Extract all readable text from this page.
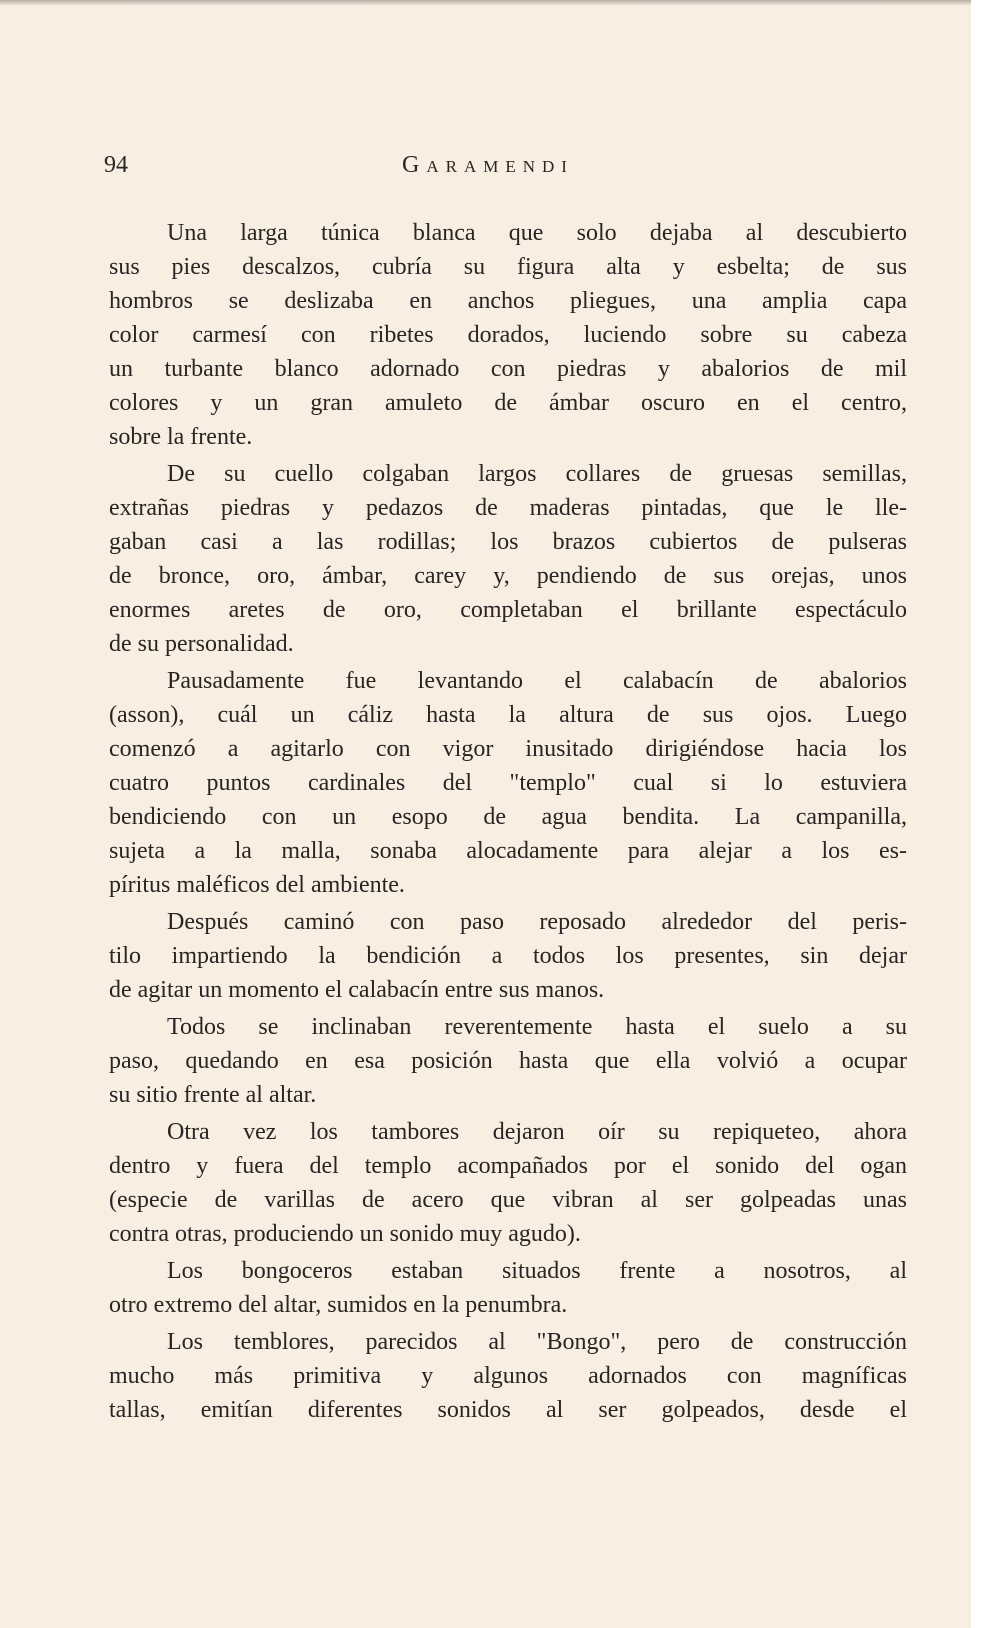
94	Garamendi
Una larga túnica blanca que solo dejaba al descubierto
sus pies descalzos, cubría su figura alta y esbelta; de sus
hombros se deslizaba en anchos pliegues, una amplia capa
color carmesí con ribetes dorados, luciendo sobre su cabeza
un turbante blanco adornado con piedras y abalorios de mil
colores y un gran amuleto de ámbar oscuro en el centro,
sobre la frente.
De su cuello colgaban largos collares de gruesas semillas,
extrañas piedras y pedazos de maderas pintadas, que le lle-
gaban casi a las rodillas; los brazos cubiertos de pulseras
de bronce, oro, ámbar, carey y, pendiendo de sus orejas, unos
enormes aretes de oro, completaban el brillante espectáculo
de su personalidad.
Pausadamente fue levantando el calabacín de abalorios
(asson), cuál un cáliz hasta la altura de sus ojos. Luego
comenzó a agitarlo con vigor inusitado dirigiéndose hacia los
cuatro puntos cardinales del "templo" cual si lo estuviera
bendiciendo con un esopo de agua bendita. La campanilla,
sujeta a la malla, sonaba alocadamente para alejar a los es-
píritus maléficos del ambiente.
Después caminó con paso reposado alrededor del peris-
tilo impartiendo la bendición a todos los presentes, sin dejar
de agitar un momento el calabacín entre sus manos.
Todos se inclinaban reverentemente hasta el suelo a su
paso, quedando en esa posición hasta que ella volvió a ocupar
su sitio frente al altar.
Otra vez los tambores dejaron oír su repiqueteo, ahora
dentro y fuera del templo acompañados por el sonido del ogan
(especie de varillas de acero que vibran al ser golpeadas unas
contra otras, produciendo un sonido muy agudo).
Los bongoceros estaban situados frente a nosotros, al
otro extremo del altar, sumidos en la penumbra.
Los temblores, parecidos al "Bongo", pero de construcción
mucho más primitiva y algunos adornados con magníficas
tallas, emitían diferentes sonidos al ser golpeados, desde el
